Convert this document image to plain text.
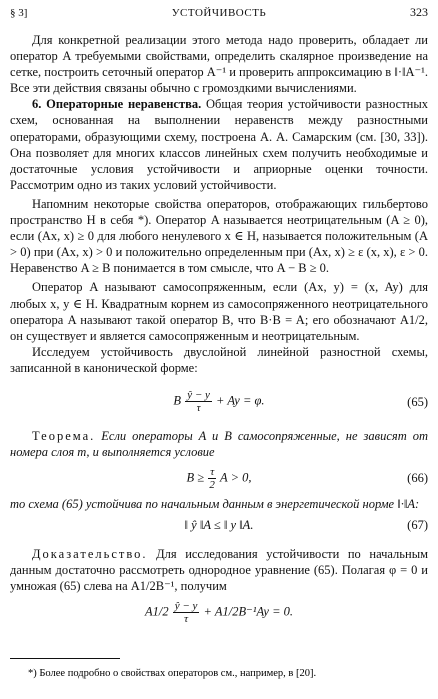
§ 3]	УСТОЙЧИВОСТЬ	323

Для конкретной реализации этого метода надо проверить, обладает ли оператор A требуемыми свойствами, определить скалярное произведение на сетке, построить сеточный оператор A⁻¹ и проверить аппроксимацию в ‖·‖A⁻¹. Все эти действия связаны обычно с громоздкими вычислениями.

6. Операторные неравенства. Общая теория устойчивости разностных схем, основанная на выполнении неравенств между разностными операторами, образующими схему, построена А. А. Самарским (см. [30, 33]). Она позволяет для многих классов линейных схем получить необходимые и достаточные условия устойчивости и априорные оценки точности. Рассмотрим одно из таких условий устойчивости.

Напомним некоторые свойства операторов, отображающих гильбертово пространство H в себя *). Оператор A называется неотрицательным (A ≥ 0), если (Ax, x) ≥ 0 для любого ненулевого x ∈ H, называется положительным (A > 0) при (Ax, x) > 0 и положительно определенным при (Ax, x) ≥ ε (x, x), ε > 0. Неравенство A ≥ B понимается в том смысле, что A − B ≥ 0.

Оператор A называют самосопряженным, если (Ax, y) = (x, Ay) для любых x, y ∈ H. Квадратным корнем из самосопряженного неотрицательного оператора A называют такой оператор B, что B·B = A; его обозначают A1/2, он существует и является самосопряженным и неотрицательным.

Исследуем устойчивость двуслойной линейной разностной схемы, записанной в канонической форме:

B $\frac{ŷ - y}{\tau} + Ay = \varphi$.	(65)

Теорема. Если операторы A и B самосопряженные, не зависят от номера слоя m, и выполняется условие

$B \ge \frac{\tau}{2}$ A > 0,	(66)

то схема (65) устойчива по начальным данным в энергетической норме ‖·‖A:

‖ ŷ ‖A ≤ ‖ y ‖A.	(67)

Доказательство. Для исследования устойчивости по начальным данным достаточно рассмотреть однородное уравнение (65). Полагая φ = 0 и умножая (65) слева на A1/2B⁻¹, получим

$A1/2 \frac{ŷ - y}{\tau} + A1/2B^{-1}Ay = 0$.
*) Более подробно о свойствах операторов см., например, в [20].
